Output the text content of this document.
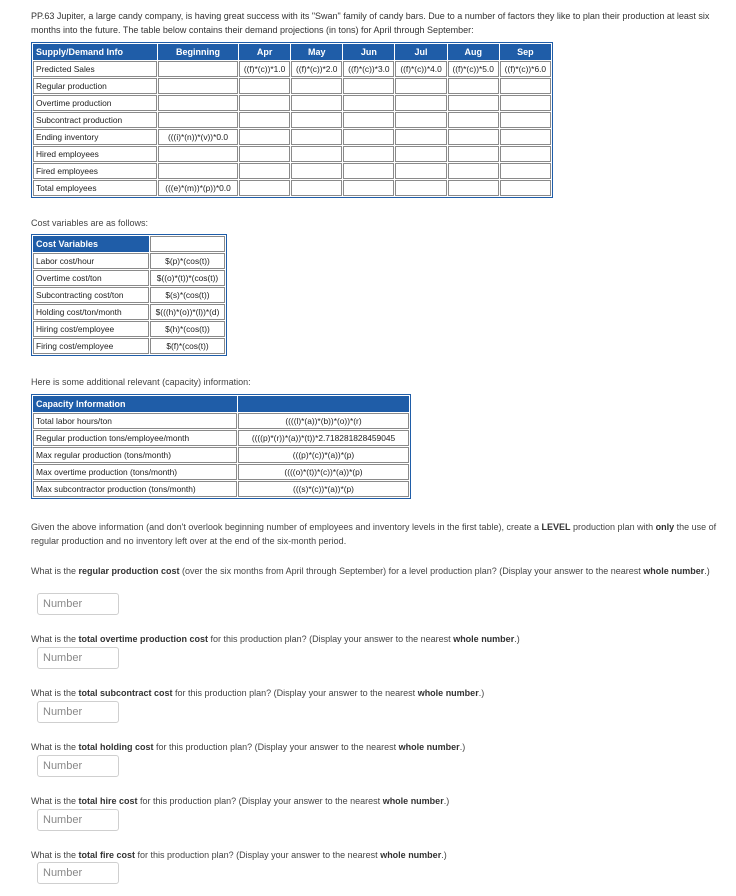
PP.63 Jupiter, a large candy company, is having great success with its "Swan" family of candy bars. Due to a number of factors they like to plan their production at least six months into the future. The table below contains their demand projections (in tons) for April through September:
Supply/Demand Info	Beginning	Apr	May	Jun	Jul	Aug	Sep
Predicted Sales		((f)*(c))*1.0	((f)*(c))*2.0	((f)*(c))*3.0	((f)*(c))*4.0	((f)*(c))*5.0	((f)*(c))*6.0
Regular production							
Overtime production							
Subcontract production							
Ending inventory	(((i)*(n))*(v))*0.0						
Hired employees							
Fired employees							
Total employees	(((e)*(m))*(p))*0.0						
Cost variables are as follows:
Cost Variables	
Labor cost/hour	$(p)*(cos(t))
Overtime cost/ton	$((o)*(t))*(cos(t))
Subcontracting cost/ton	$(s)*(cos(t))
Holding cost/ton/month	$(((h)*(o))*(l))*(d)
Hiring cost/employee	$(h)*(cos(t))
Firing cost/employee	$(f)*(cos(t))
Here is some additional relevant (capacity) information:
Capacity Information	
Total labor hours/ton	((((l)*(a))*(b))*(o))*(r)
Regular production tons/employee/month	((((p)*(r))*(a))*(t))*2.718281828459045
Max regular production (tons/month)	(((p)*(c))*(a))*(p)
Max overtime production (tons/month)	((((o)*(t))*(c))*(a))*(p)
Max subcontractor production (tons/month)	(((s)*(c))*(a))*(p)
Given the above information (and don't overlook beginning number of employees and inventory levels in the first table), create a LEVEL production plan with only the use of regular production and no inventory left over at the end of the six-month period.
What is the regular production cost (over the six months from April through September) for a level production plan? (Display your answer to the nearest whole number.)
Number
What is the total overtime production cost for this production plan? (Display your answer to the nearest whole number.)
Number
What is the total subcontract cost for this production plan? (Display your answer to the nearest whole number.)
Number
What is the total holding cost for this production plan? (Display your answer to the nearest whole number.)
Number
What is the total hire cost for this production plan? (Display your answer to the nearest whole number.)
Number
What is the total fire cost for this production plan? (Display your answer to the nearest whole number.)
Number
